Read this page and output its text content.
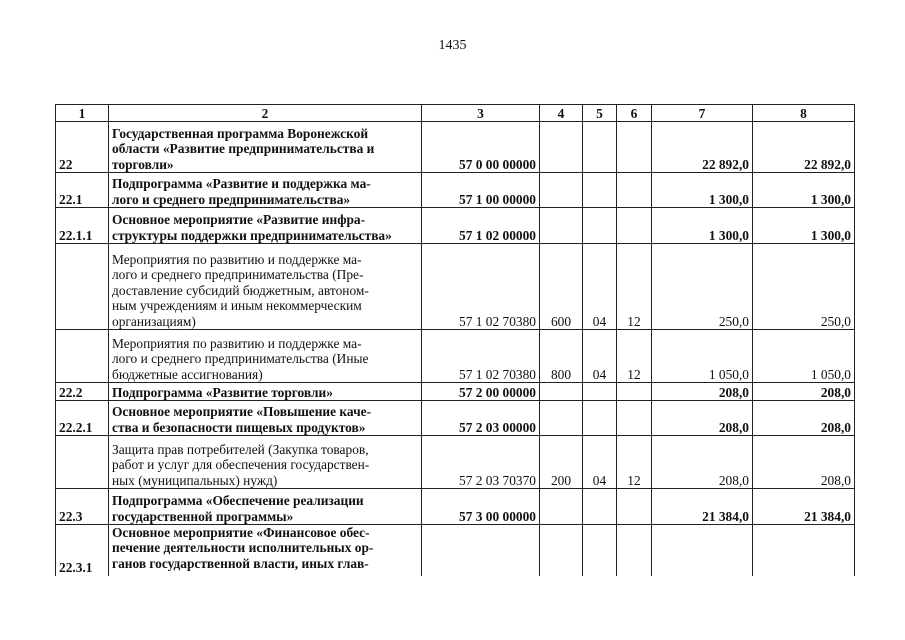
1435
1	2	3	4	5	6	7	8
22	Государственная программа Воронежской
области «Развитие предпринимательства и
торговли»	57 0 00 00000				22 892,0	22 892,0
22.1	Подпрограмма «Развитие и поддержка ма-
лого и среднего предпринимательства»	57 1 00 00000				1 300,0	1 300,0
22.1.1	Основное мероприятие «Развитие инфра-
структуры поддержки предпринимательства»	57 1 02 00000				1 300,0	1 300,0
	Мероприятия по развитию и поддержке ма-
лого и среднего предпринимательства (Пре-
доставление субсидий бюджетным, автоном-
ным учреждениям и иным некоммерческим
организациям)	57 1 02 70380	600	04	12	250,0	250,0
	Мероприятия по развитию и поддержке ма-
лого и среднего предпринимательства (Иные
бюджетные ассигнования)	57 1 02 70380	800	04	12	1 050,0	1 050,0
22.2	Подпрограмма «Развитие торговли»	57 2 00 00000				208,0	208,0
22.2.1	Основное мероприятие «Повышение каче-
ства и безопасности пищевых продуктов»	57 2 03 00000				208,0	208,0
	Защита прав потребителей (Закупка товаров,
работ и услуг для обеспечения государствен-
ных (муниципальных) нужд)	57 2 03 70370	200	04	12	208,0	208,0
22.3	Подпрограмма «Обеспечение реализации
государственной программы»	57 3 00 00000				21 384,0	21 384,0
22.3.1	Основное мероприятие «Финансовое обес-
печение деятельности исполнительных ор-
ганов государственной власти, иных глав-						
